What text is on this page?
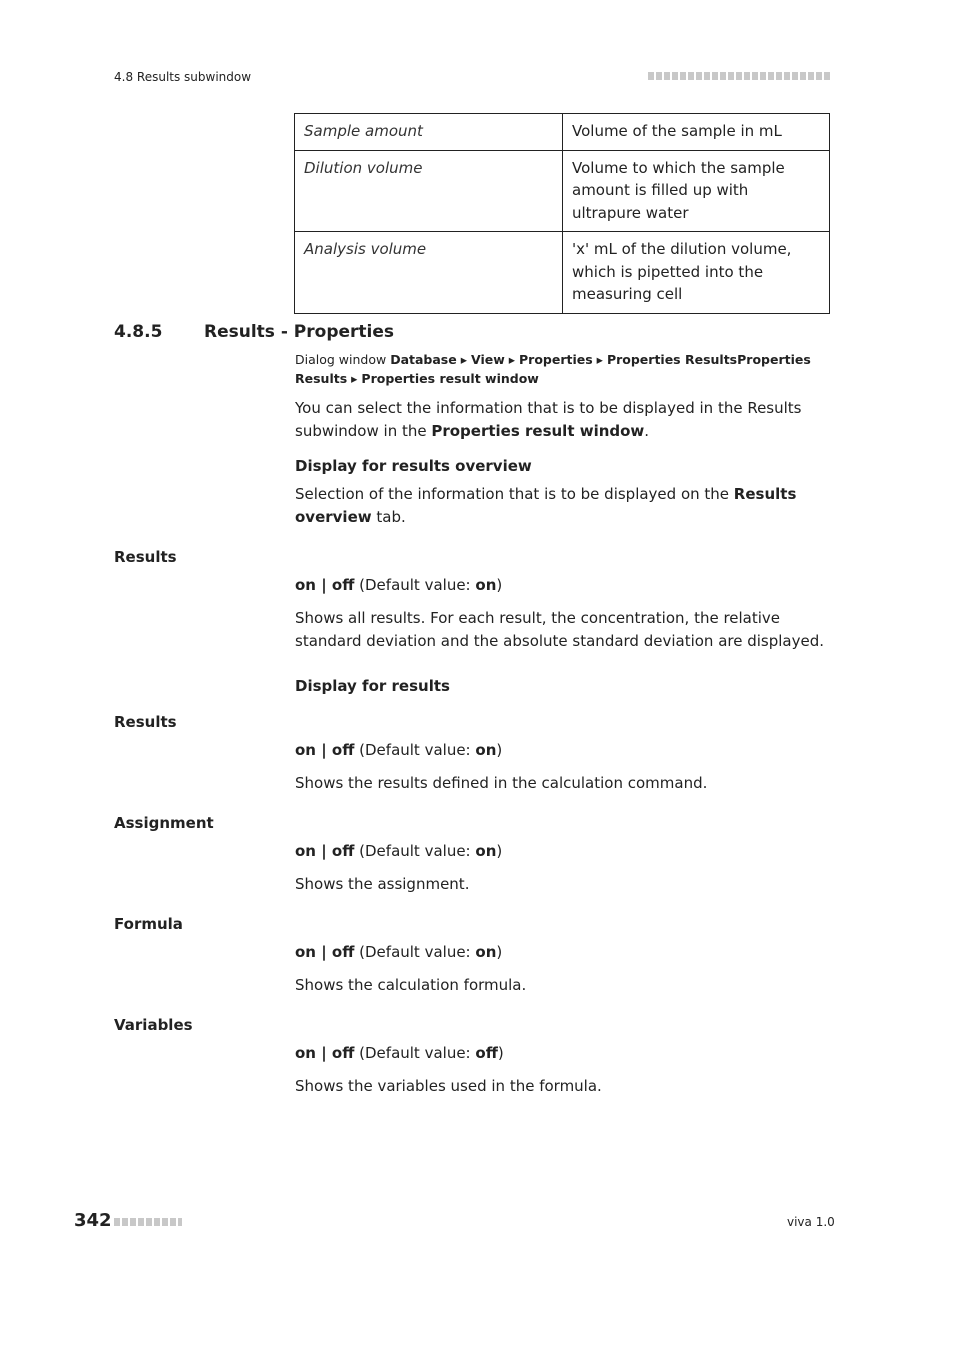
4.8 Results subwindow
Sample amount	Volume of the sample in mL
Dilution volume	Volume to which the sample amount is filled up with ultrapure water
Analysis volume	'x' mL of the dilution volume, which is pipetted into the measuring cell
4.8.5 Results - Properties
Dialog window Database ▸ View ▸ Properties ▸ Properties ResultsProperties Results ▸ Properties result window
You can select the information that is to be displayed in the Results subwindow in the Properties result window.
Display for results overview
Selection of the information that is to be displayed on the Results overview tab.
Results
on | off (Default value: on)
Shows all results. For each result, the concentration, the relative standard deviation and the absolute standard deviation are displayed.
Display for results
Results
on | off (Default value: on)
Shows the results defined in the calculation command.
Assignment
on | off (Default value: on)
Shows the assignment.
Formula
on | off (Default value: on)
Shows the calculation formula.
Variables
on | off (Default value: off)
Shows the variables used in the formula.
342	viva 1.0
